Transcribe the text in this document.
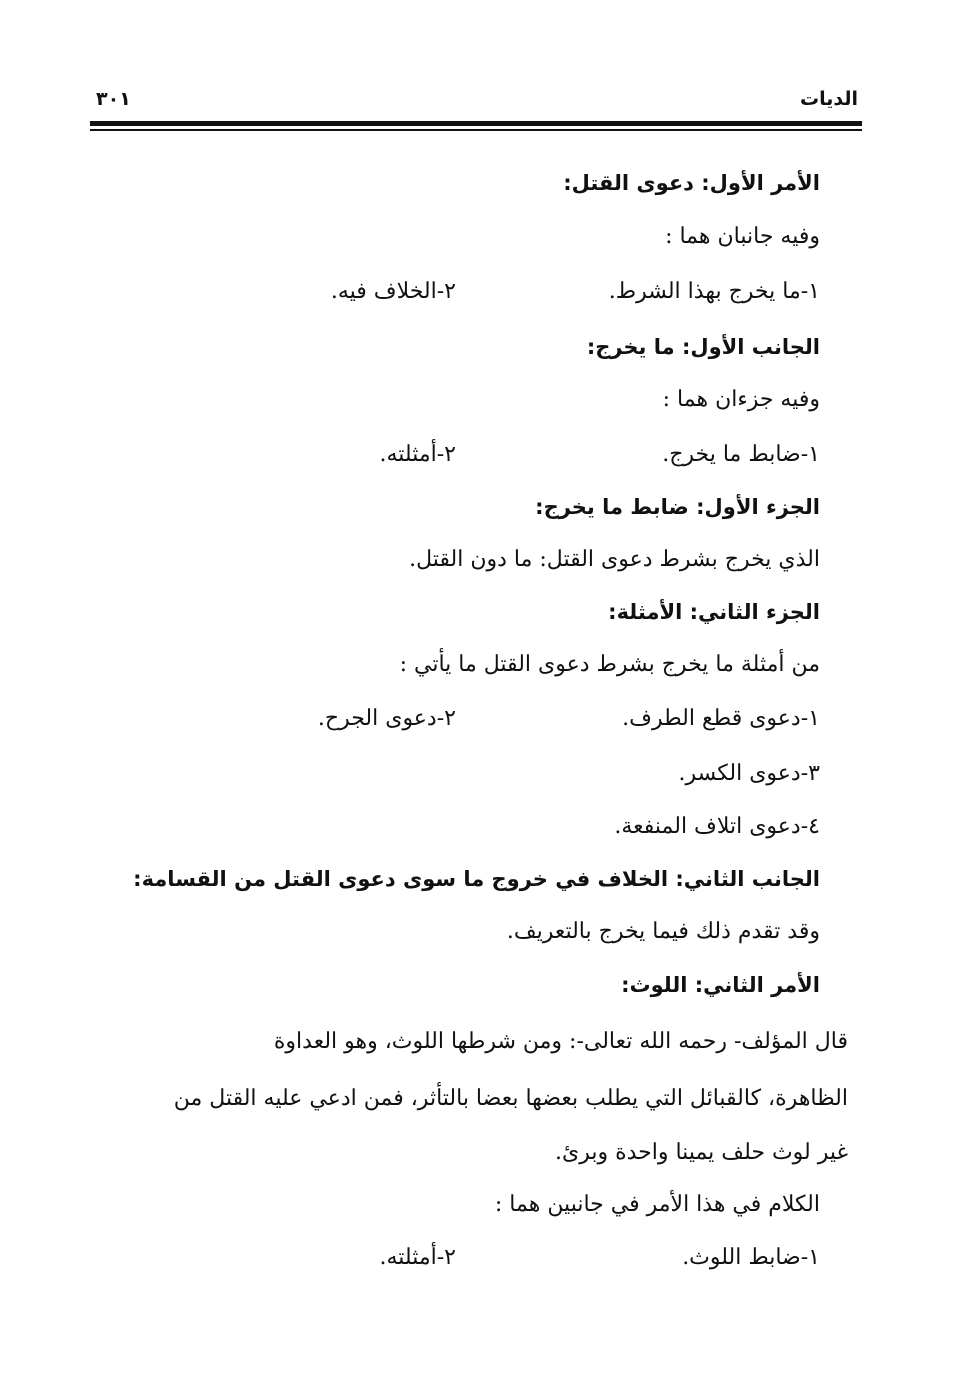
الديات
٣٠١
الأمر الأول: دعوى القتل:
وفيه جانبان هما :
١-ما يخرج بهذا الشرط.
٢-الخلاف فيه.
الجانب الأول: ما يخرج:
وفيه جزءان هما :
١-ضابط ما يخرج.
٢-أمثلته.
الجزء الأول: ضابط ما يخرج:
الذي يخرج بشرط دعوى القتل: ما دون القتل.
الجزء الثاني: الأمثلة:
من أمثلة ما يخرج بشرط دعوى القتل ما يأتي :
١-دعوى قطع الطرف.
٢-دعوى الجرح.
٣-دعوى الكسر.
٤-دعوى اتلاف المنفعة.
الجانب الثاني: الخلاف في خروج ما سوى دعوى القتل من القسامة:
وقد تقدم ذلك فيما يخرج بالتعريف.
الأمر الثاني: اللوث:
قال المؤلف- رحمه الله تعالى-: ومن شرطها اللوث، وهو العداوة
الظاهرة، كالقبائل التي يطلب بعضها بعضا بالتأثر، فمن ادعي عليه القتل من
غير لوث حلف يمينا واحدة وبرئ.
الكلام في هذا الأمر في جانبين هما :
١-ضابط اللوث.
٢-أمثلته.
